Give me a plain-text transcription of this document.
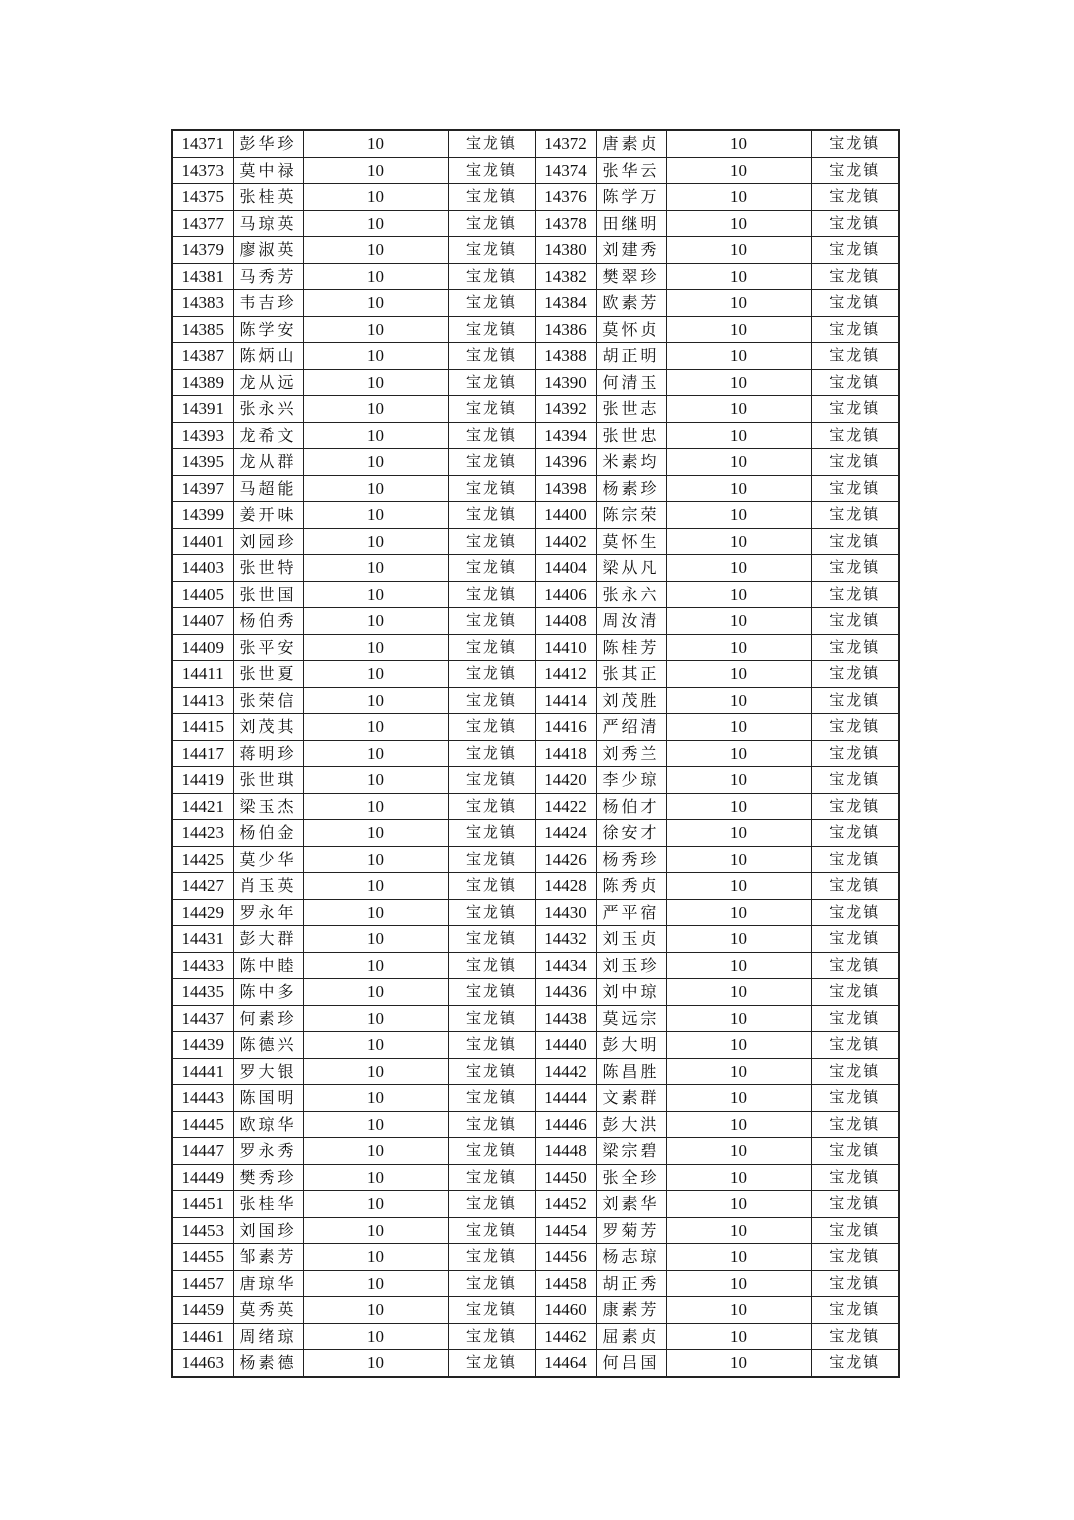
14371	彭华珍	10	宝龙镇	14372	唐素贞	10	宝龙镇
14373	莫中禄	10	宝龙镇	14374	张华云	10	宝龙镇
14375	张桂英	10	宝龙镇	14376	陈学万	10	宝龙镇
14377	马琼英	10	宝龙镇	14378	田继明	10	宝龙镇
14379	廖淑英	10	宝龙镇	14380	刘建秀	10	宝龙镇
14381	马秀芳	10	宝龙镇	14382	樊翠珍	10	宝龙镇
14383	韦吉珍	10	宝龙镇	14384	欧素芳	10	宝龙镇
14385	陈学安	10	宝龙镇	14386	莫怀贞	10	宝龙镇
14387	陈炳山	10	宝龙镇	14388	胡正明	10	宝龙镇
14389	龙从远	10	宝龙镇	14390	何清玉	10	宝龙镇
14391	张永兴	10	宝龙镇	14392	张世志	10	宝龙镇
14393	龙希文	10	宝龙镇	14394	张世忠	10	宝龙镇
14395	龙从群	10	宝龙镇	14396	米素均	10	宝龙镇
14397	马超能	10	宝龙镇	14398	杨素珍	10	宝龙镇
14399	姜开味	10	宝龙镇	14400	陈宗荣	10	宝龙镇
14401	刘园珍	10	宝龙镇	14402	莫怀生	10	宝龙镇
14403	张世特	10	宝龙镇	14404	梁从凡	10	宝龙镇
14405	张世国	10	宝龙镇	14406	张永六	10	宝龙镇
14407	杨伯秀	10	宝龙镇	14408	周汝清	10	宝龙镇
14409	张平安	10	宝龙镇	14410	陈桂芳	10	宝龙镇
14411	张世夏	10	宝龙镇	14412	张其正	10	宝龙镇
14413	张荣信	10	宝龙镇	14414	刘茂胜	10	宝龙镇
14415	刘茂其	10	宝龙镇	14416	严绍清	10	宝龙镇
14417	蒋明珍	10	宝龙镇	14418	刘秀兰	10	宝龙镇
14419	张世琪	10	宝龙镇	14420	李少琼	10	宝龙镇
14421	梁玉杰	10	宝龙镇	14422	杨伯才	10	宝龙镇
14423	杨伯金	10	宝龙镇	14424	徐安才	10	宝龙镇
14425	莫少华	10	宝龙镇	14426	杨秀珍	10	宝龙镇
14427	肖玉英	10	宝龙镇	14428	陈秀贞	10	宝龙镇
14429	罗永年	10	宝龙镇	14430	严平宿	10	宝龙镇
14431	彭大群	10	宝龙镇	14432	刘玉贞	10	宝龙镇
14433	陈中睦	10	宝龙镇	14434	刘玉珍	10	宝龙镇
14435	陈中多	10	宝龙镇	14436	刘中琼	10	宝龙镇
14437	何素珍	10	宝龙镇	14438	莫远宗	10	宝龙镇
14439	陈德兴	10	宝龙镇	14440	彭大明	10	宝龙镇
14441	罗大银	10	宝龙镇	14442	陈昌胜	10	宝龙镇
14443	陈国明	10	宝龙镇	14444	文素群	10	宝龙镇
14445	欧琼华	10	宝龙镇	14446	彭大洪	10	宝龙镇
14447	罗永秀	10	宝龙镇	14448	梁宗碧	10	宝龙镇
14449	樊秀珍	10	宝龙镇	14450	张全珍	10	宝龙镇
14451	张桂华	10	宝龙镇	14452	刘素华	10	宝龙镇
14453	刘国珍	10	宝龙镇	14454	罗菊芳	10	宝龙镇
14455	邹素芳	10	宝龙镇	14456	杨志琼	10	宝龙镇
14457	唐琼华	10	宝龙镇	14458	胡正秀	10	宝龙镇
14459	莫秀英	10	宝龙镇	14460	康素芳	10	宝龙镇
14461	周绪琼	10	宝龙镇	14462	屈素贞	10	宝龙镇
14463	杨素德	10	宝龙镇	14464	何吕国	10	宝龙镇
